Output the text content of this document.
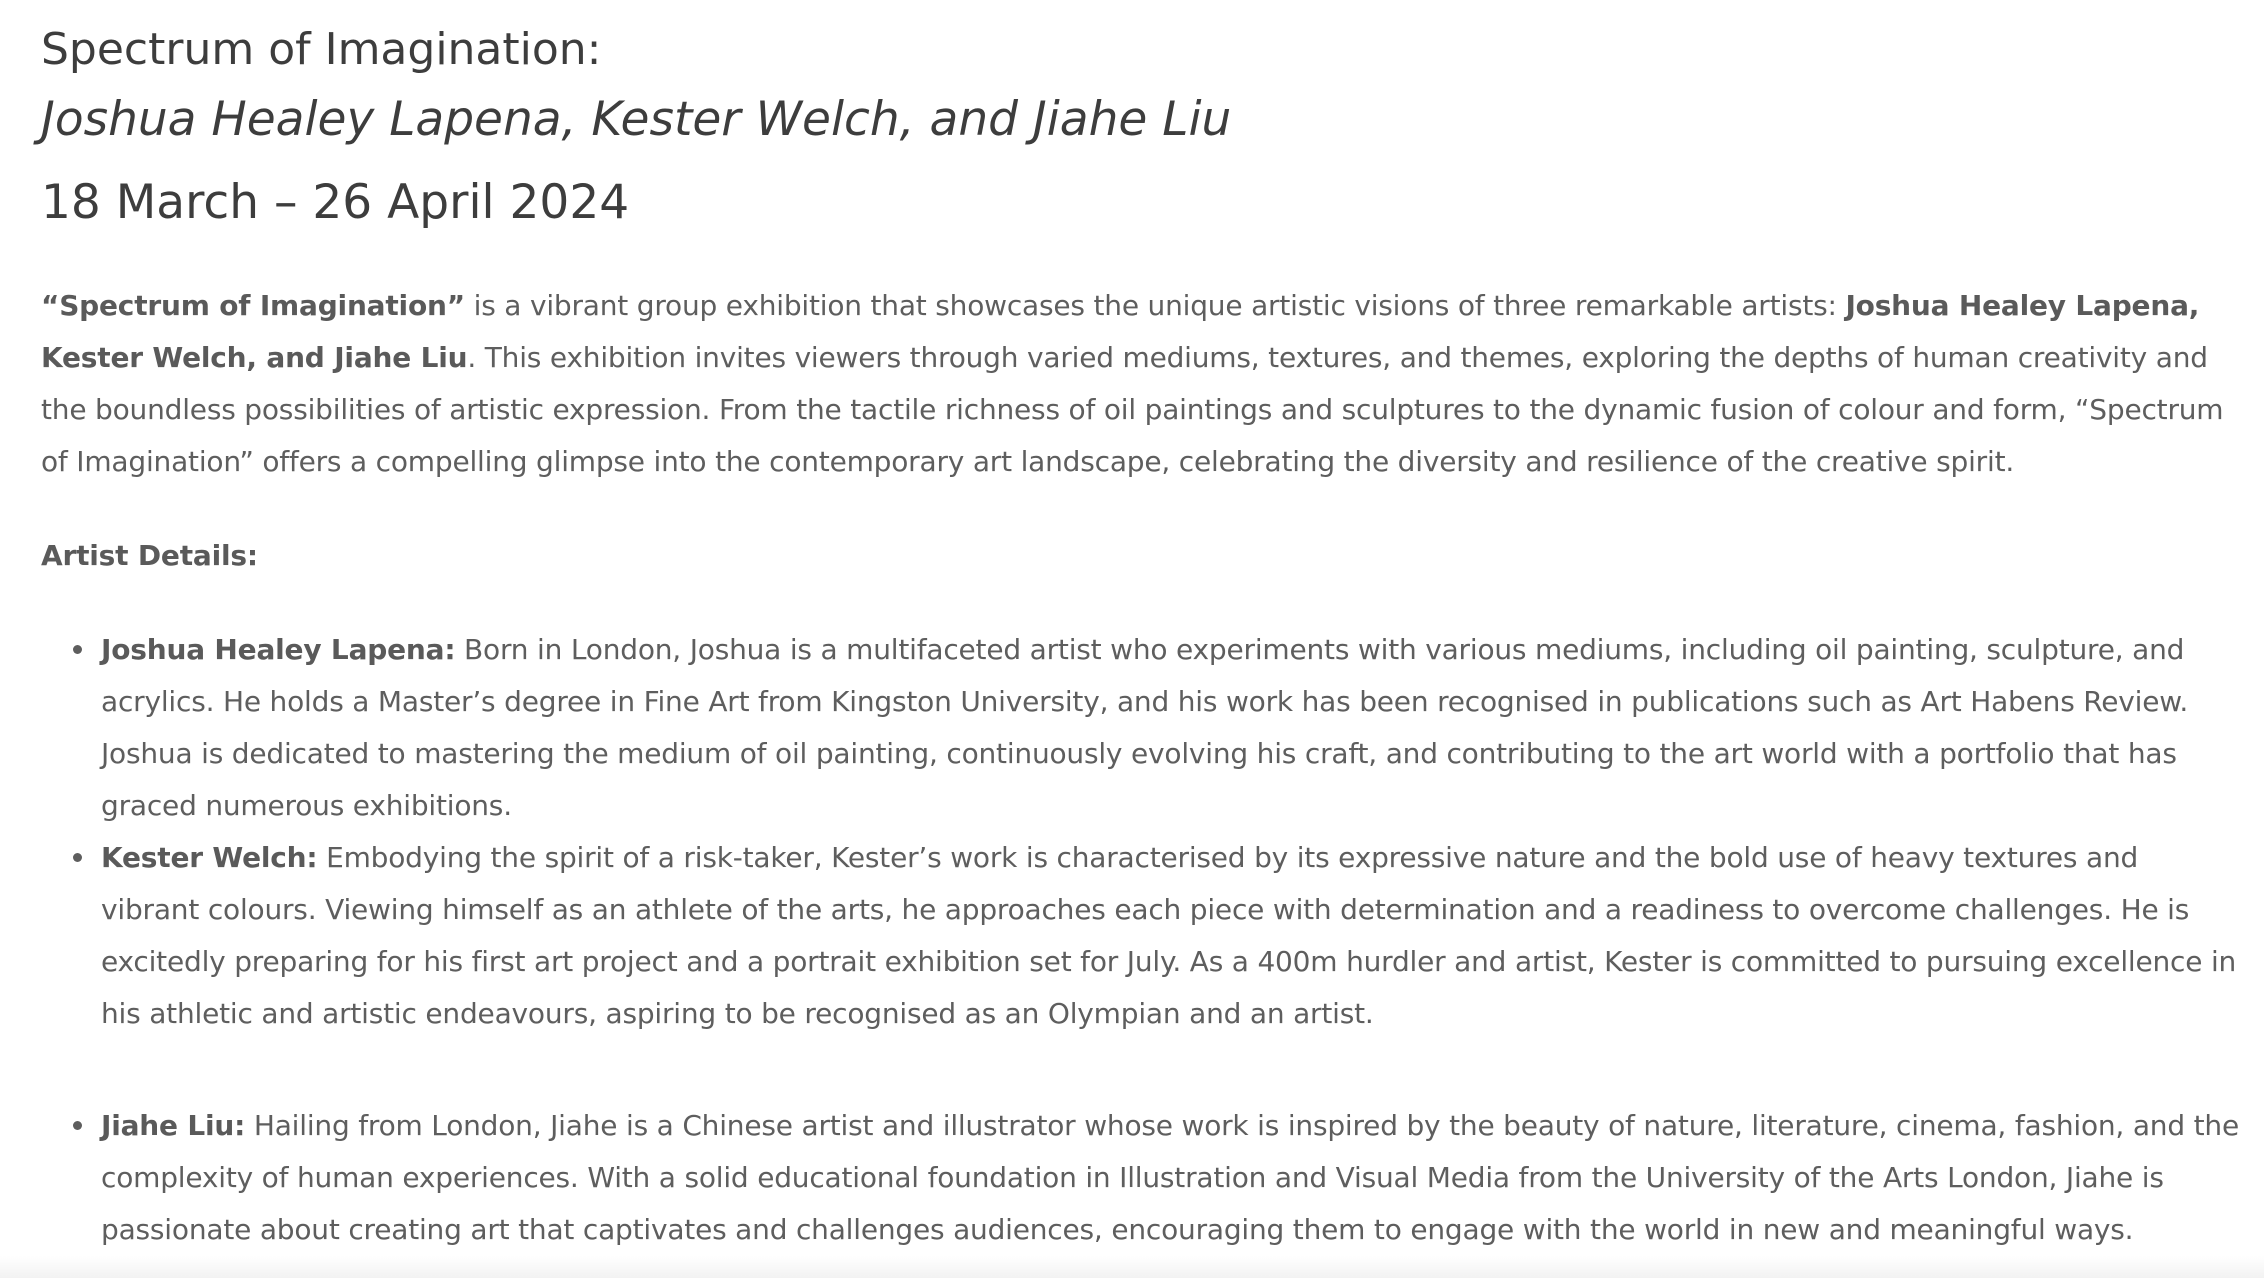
Spectrum of Imagination:
Joshua Healey Lapena, Kester Welch, and Jiahe Liu
18 March – 26 April 2024

“Spectrum of Imagination” is a vibrant group exhibition that showcases the unique artistic visions of three remarkable artists: Joshua Healey Lapena, Kester Welch, and Jiahe Liu. This exhibition invites viewers through varied mediums, textures, and themes, exploring the depths of human creativity and the boundless possibilities of artistic expression. From the tactile richness of oil paintings and sculptures to the dynamic fusion of colour and form, “Spectrum of Imagination” offers a compelling glimpse into the contemporary art landscape, celebrating the diversity and resilience of the creative spirit.

Artist Details:

Joshua Healey Lapena: Born in London, Joshua is a multifaceted artist who experiments with various mediums, including oil painting, sculpture, and acrylics. He holds a Master’s degree in Fine Art from Kingston University, and his work has been recognised in publications such as Art Habens Review. Joshua is dedicated to mastering the medium of oil painting, continuously evolving his craft, and contributing to the art world with a portfolio that has graced numerous exhibitions.
Kester Welch: Embodying the spirit of a risk-taker, Kester’s work is characterised by its expressive nature and the bold use of heavy textures and vibrant colours. Viewing himself as an athlete of the arts, he approaches each piece with determination and a readiness to overcome challenges. He is excitedly preparing for his first art project and a portrait exhibition set for July. As a 400m hurdler and artist, Kester is committed to pursuing excellence in his athletic and artistic endeavours, aspiring to be recognised as an Olympian and an artist.
Jiahe Liu: Hailing from London, Jiahe is a Chinese artist and illustrator whose work is inspired by the beauty of nature, literature, cinema, fashion, and the complexity of human experiences. With a solid educational foundation in Illustration and Visual Media from the University of the Arts London, Jiahe is passionate about creating art that captivates and challenges audiences, encouraging them to engage with the world in new and meaningful ways.
